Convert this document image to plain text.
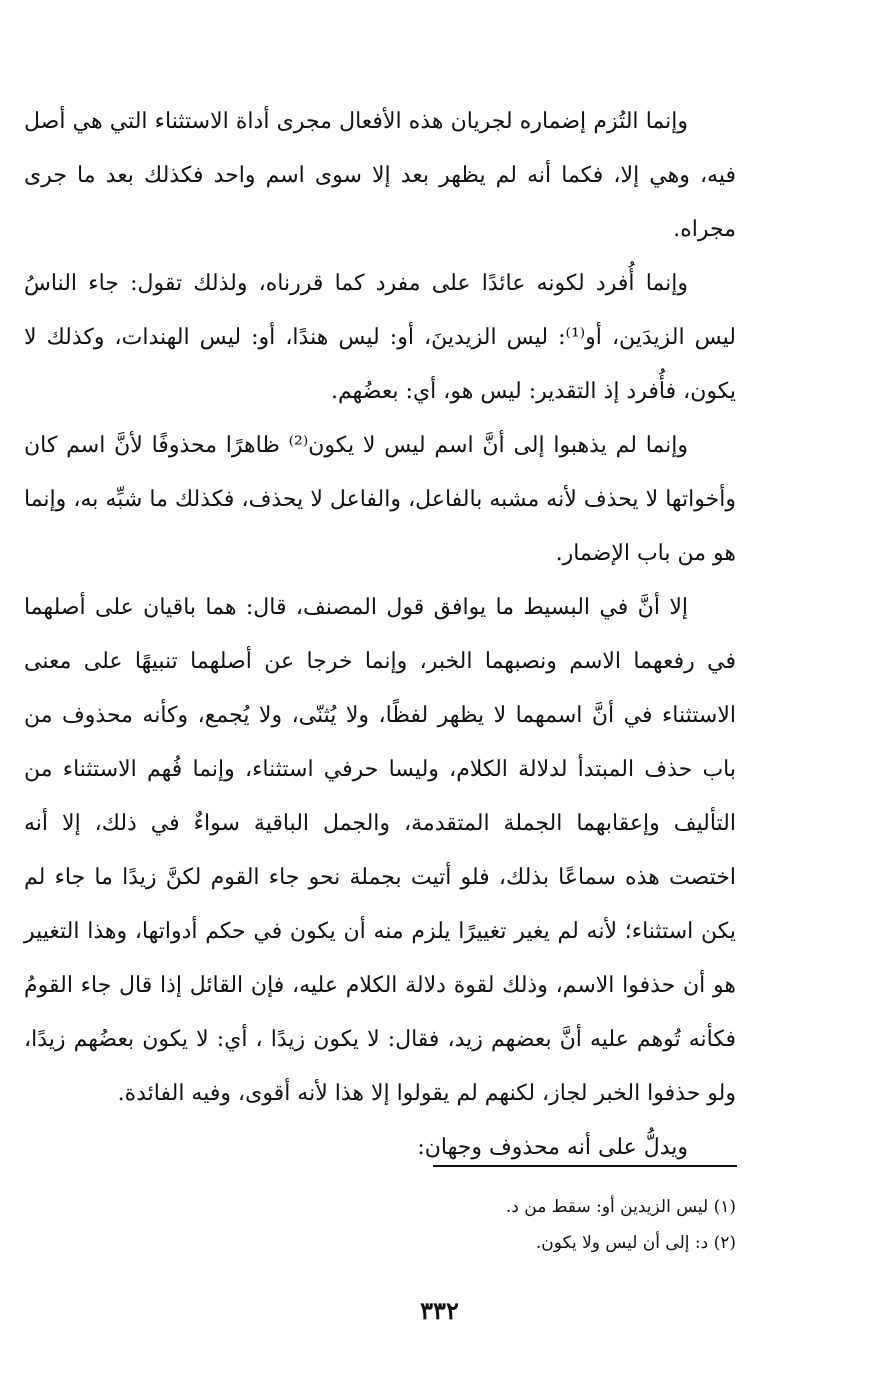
وإنما التُزم إضماره لجريان هذه الأفعال مجرى أداة الاستثناء التي هي أصل فيه، وهي إلا، فكما أنه لم يظهر بعد إلا سوى اسم واحد فكذلك بعد ما جرى مجراه.

وإنما أُفرد لكونه عائدًا على مفرد كما قررناه، ولذلك تقول: جاء الناسُ ليس الزيدَين، أو⁽¹⁾: ليس الزيدينَ، أو: ليس هندًا، أو: ليس الهندات، وكذلك لا يكون، فأُفرد إذ التقدير: ليس هو، أي: بعضُهم.

وإنما لم يذهبوا إلى أنَّ اسم ليس لا يكون⁽²⁾ ظاهرًا محذوفًا لأنَّ اسم كان وأخواتها لا يحذف لأنه مشبه بالفاعل، والفاعل لا يحذف، فكذلك ما شبِّه به، وإنما هو من باب الإضمار.

إلا أنَّ في البسيط ما يوافق قول المصنف، قال: هما باقيان على أصلهما في رفعهما الاسم ونصبهما الخبر، وإنما خرجا عن أصلهما تنبيهًا على معنى الاستثناء في أنَّ اسمهما لا يظهر لفظًا، ولا يُثنّى، ولا يُجمع، وكأنه محذوف من باب حذف المبتدأ لدلالة الكلام، وليسا حرفي استثناء، وإنما فُهم الاستثناء من التأليف وإعقابهما الجملة المتقدمة، والجمل الباقية سواءٌ في ذلك، إلا أنه اختصت هذه سماعًا بذلك، فلو أتيت بجملة نحو جاء القوم لكنَّ زيدًا ما جاء لم يكن استثناء؛ لأنه لم يغير تغييرًا يلزم منه أن يكون في حكم أدواتها، وهذا التغيير هو أن حذفوا الاسم، وذلك لقوة دلالة الكلام عليه، فإن القائل إذا قال جاء القومُ فكأنه تُوهم عليه أنَّ بعضهم زيد، فقال: لا يكون زيدًا ، أي: لا يكون بعضُهم زيدًا، ولو حذفوا الخبر لجاز، لكنهم لم يقولوا إلا هذا لأنه أقوى، وفيه الفائدة.

ويدلُّ على أنه محذوف وجهان:

(١) ليس الزيدين أو: سقط من د.

(٢) د: إلى أن ليس ولا يكون.

٣٣٢
